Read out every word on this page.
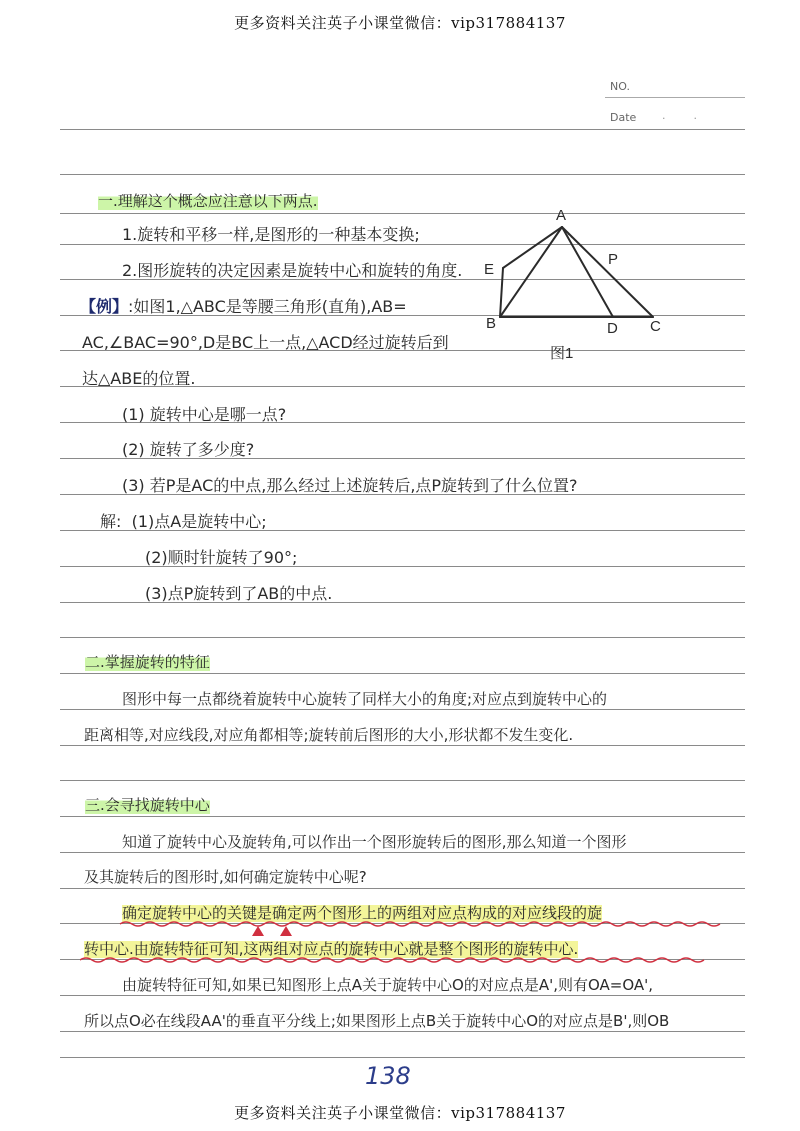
更多资料关注英子小课堂微信：vip317884137
更多资料关注英子小课堂微信：vip317884137
NO.
Date ·        ·
一.理解这个概念应注意以下两点.
1.旋转和平移一样,是图形的一种基本变换;
2.图形旋转的决定因素是旋转中心和旋转的角度.
【例】:如图1,△ABC是等腰三角形(直角),AB=
AC,∠BAC=90°,D是BC上一点,△ACD经过旋转后到
达△ABE的位置.
(1) 旋转中心是哪一点?
(2) 旋转了多少度?
(3) 若P是AC的中点,那么经过上述旋转后,点P旋转到了什么位置?
解: (1)点A是旋转中心;
(2)顺时针旋转了90°;
(3)点P旋转到了AB的中点.
A
B	C
D
E
P
图1
二.掌握旋转的特征
图形中每一点都绕着旋转中心旋转了同样大小的角度;对应点到旋转中心的
距离相等,对应线段,对应角都相等;旋转前后图形的大小,形状都不发生变化.
三.会寻找旋转中心
知道了旋转中心及旋转角,可以作出一个图形旋转后的图形,那么知道一个图形
及其旋转后的图形时,如何确定旋转中心呢?
确定旋转中心的关键是确定两个图形上的两组对应点构成的对应线段的旋
转中心.由旋转特征可知,这两组对应点的旋转中心就是整个图形的旋转中心.
由旋转特征可知,如果已知图形上点A关于旋转中心O的对应点是A',则有OA=OA',
所以点O必在线段AA'的垂直平分线上;如果图形上点B关于旋转中心O的对应点是B',则OB
138
